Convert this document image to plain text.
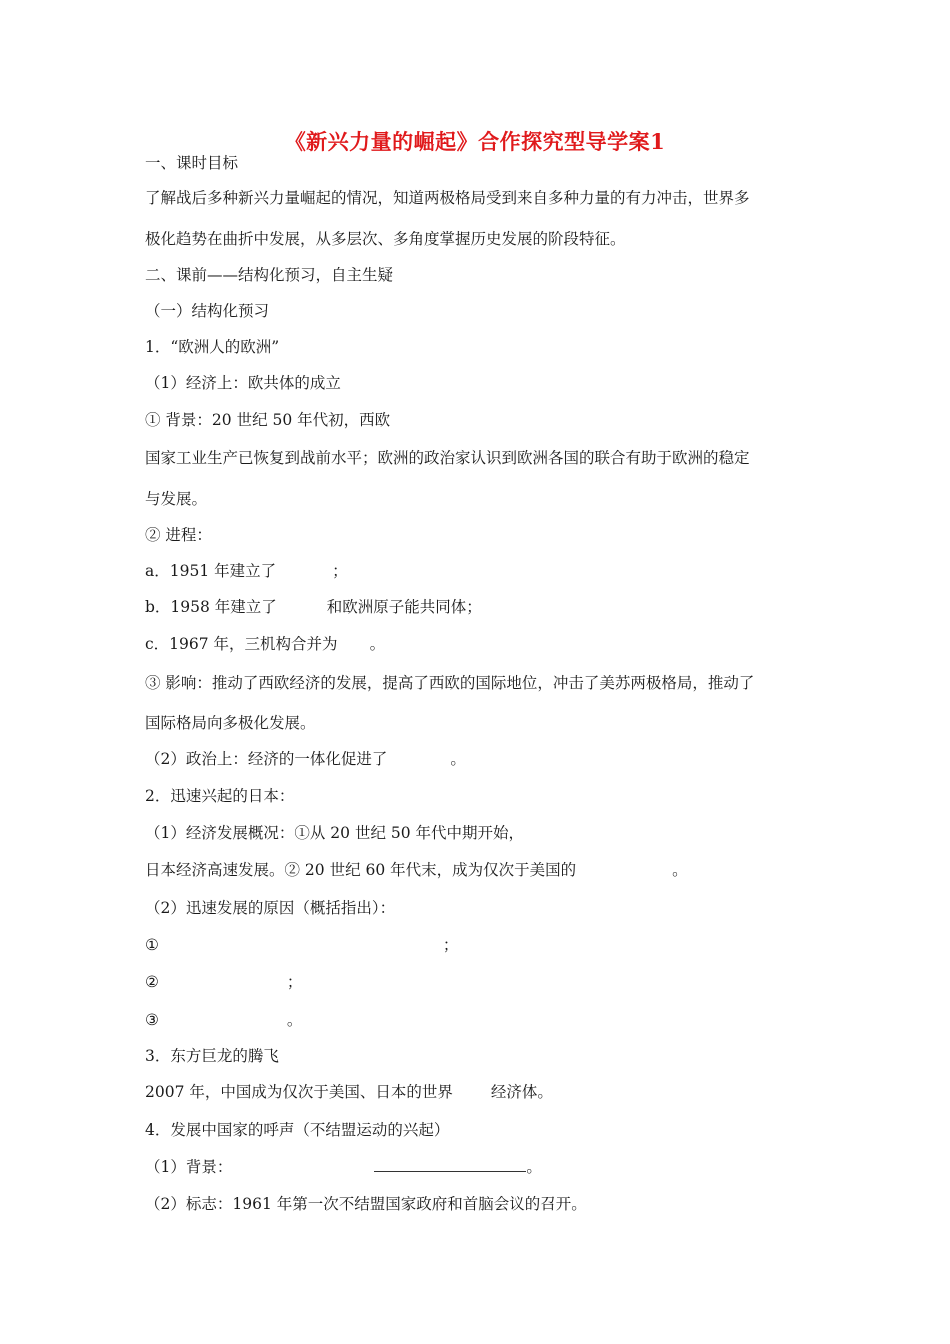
《新兴力量的崛起》合作探究型导学案1
一、课时目标
了解战后多种新兴力量崛起的情况，知道两极格局受到来自多种力量的有力冲击，世界多
极化趋势在曲折中发展，从多层次、多角度掌握历史发展的阶段特征。
二、课前——结构化预习，自主生疑
（一）结构化预习
1．“欧洲人的欧洲”
（1）经济上：欧共体的成立
① 背景：20 世纪 50 年代初，西欧
国家工业生产已恢复到战前水平；欧洲的政治家认识到欧洲各国的联合有助于欧洲的稳定
与发展。
② 进程：
a．1951 年建立了	；
b．1958 年建立了	和欧洲原子能共同体；
c．1967 年，三机构合并为 。
③ 影响：推动了西欧经济的发展，提高了西欧的国际地位，冲击了美苏两极格局，推动了
国际格局向多极化发展。
（2）政治上：经济的一体化促进了	。
2．迅速兴起的日本：
（1）经济发展概况：①从 20 世纪 50 年代中期开始，
日本经济高速发展。② 20 世纪 60 年代末，成为仅次于美国的	。
（2）迅速发展的原因（概括指出）：
①	；
②	；
③	。
3．东方巨龙的腾飞
2007 年，中国成为仅次于美国、日本的世界 经济体。
4．发展中国家的呼声（不结盟运动的兴起）
（1）背景：	。
（2）标志：1961 年第一次不结盟国家政府和首脑会议的召开。
